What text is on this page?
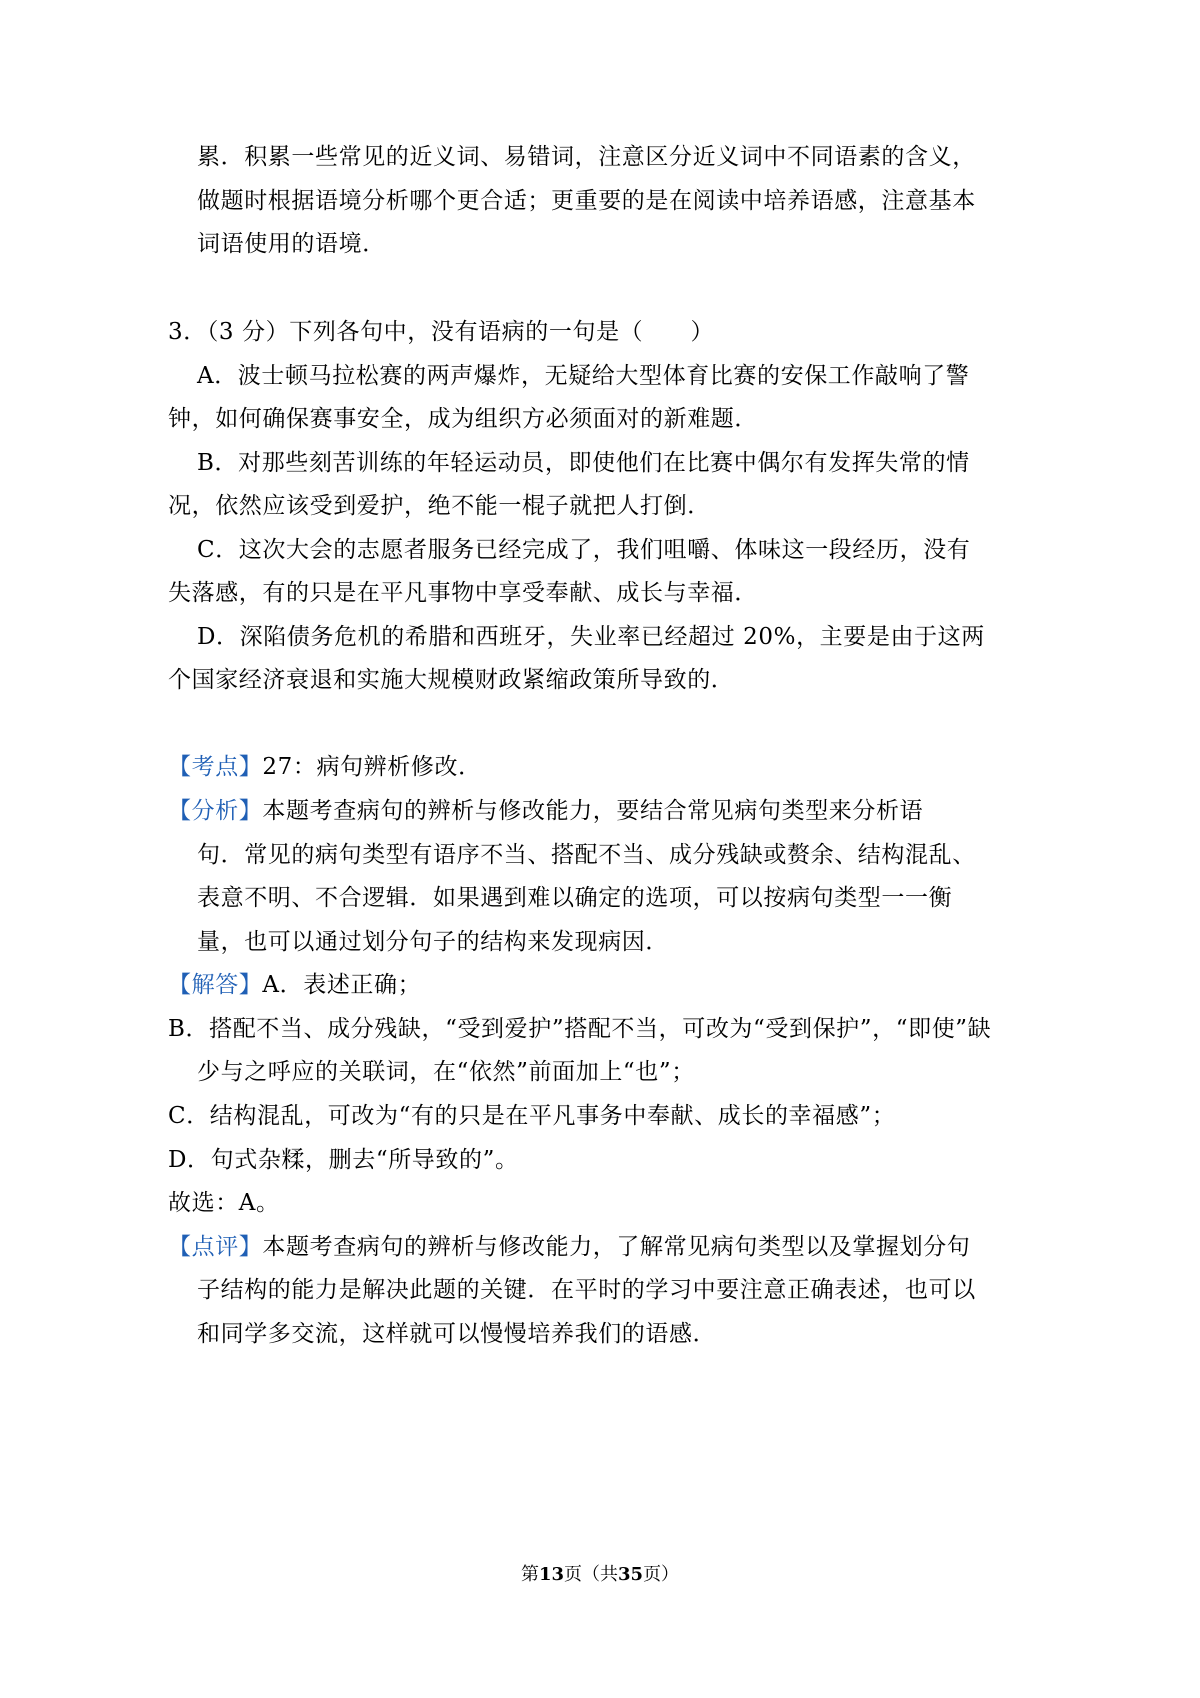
累．积累一些常见的近义词、易错词，注意区分近义词中不同语素的含义，
做题时根据语境分析哪个更合适；更重要的是在阅读中培养语感，注意基本
词语使用的语境．
3．（3 分）下列各句中，没有语病的一句是（　　）
A．波士顿马拉松赛的两声爆炸，无疑给大型体育比赛的安保工作敲响了警
钟，如何确保赛事安全，成为组织方必须面对的新难题．
B．对那些刻苦训练的年轻运动员，即使他们在比赛中偶尔有发挥失常的情
况，依然应该受到爱护，绝不能一棍子就把人打倒．
C．这次大会的志愿者服务已经完成了，我们咀嚼、体味这一段经历，没有
失落感，有的只是在平凡事物中享受奉献、成长与幸福．
D．深陷债务危机的希腊和西班牙，失业率已经超过 20%，主要是由于这两
个国家经济衰退和实施大规模财政紧缩政策所导致的．
【考点】27：病句辨析修改．
【分析】本题考查病句的辨析与修改能力，要结合常见病句类型来分析语
句．常见的病句类型有语序不当、搭配不当、成分残缺或赘余、结构混乱、
表意不明、不合逻辑．如果遇到难以确定的选项，可以按病句类型一一衡
量，也可以通过划分句子的结构来发现病因．
【解答】A．表述正确；
B．搭配不当、成分残缺，“受到爱护”搭配不当，可改为“受到保护”，“即使”缺
少与之呼应的关联词，在“依然”前面加上“也”；
C．结构混乱，可改为“有的只是在平凡事务中奉献、成长的幸福感”；
D．句式杂糅，删去“所导致的”。
故选：A。
【点评】本题考查病句的辨析与修改能力，了解常见病句类型以及掌握划分句
子结构的能力是解决此题的关键．在平时的学习中要注意正确表述，也可以
和同学多交流，这样就可以慢慢培养我们的语感．
第13页（共35页）
